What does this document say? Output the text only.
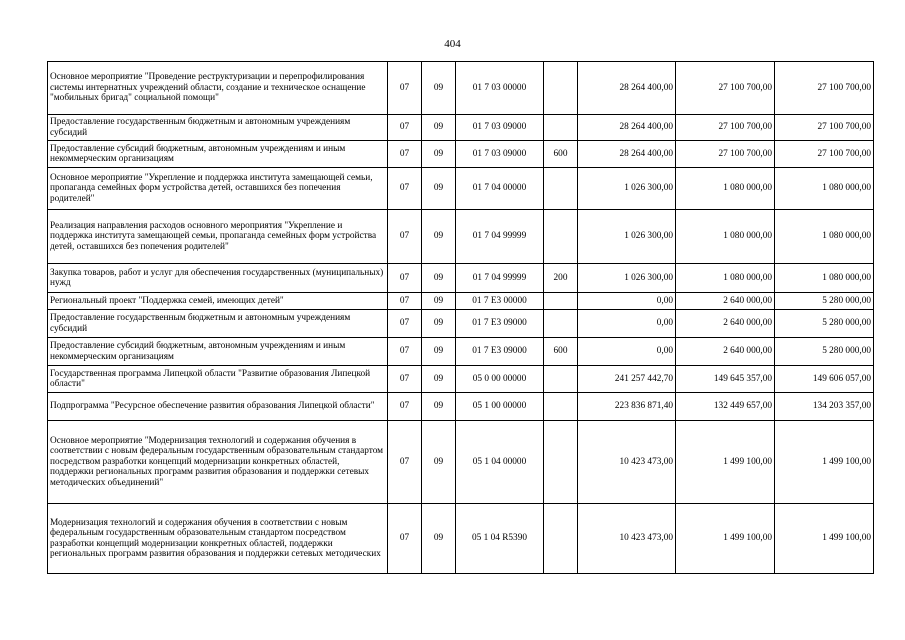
404
Основное мероприятие "Проведение реструктуризации и перепрофилирования системы интернатных учреждений области, создание и техническое оснащение "мобильных бригад" социальной помощи"	07	09	01 7 03 00000		28 264 400,00	27 100 700,00	27 100 700,00
Предоставление государственным бюджетным и автономным учреждениям субсидий	07	09	01 7 03 09000		28 264 400,00	27 100 700,00	27 100 700,00
Предоставление субсидий бюджетным, автономным учреждениям и иным некоммерческим организациям	07	09	01 7 03 09000	600	28 264 400,00	27 100 700,00	27 100 700,00
Основное мероприятие "Укрепление и поддержка института замещающей семьи, пропаганда семейных форм устройства детей, оставшихся без попечения родителей"	07	09	01 7 04 00000		1 026 300,00	1 080 000,00	1 080 000,00
Реализация направления расходов основного мероприятия "Укрепление и поддержка института замещающей семьи, пропаганда семейных форм устройства детей, оставшихся без попечения родителей"	07	09	01 7 04 99999		1 026 300,00	1 080 000,00	1 080 000,00
Закупка товаров, работ и услуг для обеспечения государственных (муниципальных) нужд	07	09	01 7 04 99999	200	1 026 300,00	1 080 000,00	1 080 000,00
Региональный проект "Поддержка семей, имеющих детей"	07	09	01 7 Е3 00000		0,00	2 640 000,00	5 280 000,00
Предоставление государственным бюджетным и автономным учреждениям субсидий	07	09	01 7 Е3 09000		0,00	2 640 000,00	5 280 000,00
Предоставление субсидий бюджетным, автономным учреждениям и иным некоммерческим организациям	07	09	01 7 Е3 09000	600	0,00	2 640 000,00	5 280 000,00
Государственная программа Липецкой области "Развитие образования Липецкой области"	07	09	05 0 00 00000		241 257 442,70	149 645 357,00	149 606 057,00
Подпрограмма "Ресурсное обеспечение развития образования Липецкой области"	07	09	05 1 00 00000		223 836 871,40	132 449 657,00	134 203 357,00
Основное мероприятие "Модернизация технологий и содержания обучения в соответствии с новым федеральным государственным образовательным стандартом посредством разработки концепций модернизации конкретных областей, поддержки региональных программ развития образования и поддержки сетевых методических объединений"	07	09	05 1 04 00000		10 423 473,00	1 499 100,00	1 499 100,00
Модернизация технологий и содержания обучения в соответствии с новым федеральным государственным образовательным стандартом посредством разработки концепций модернизации конкретных областей, поддержки региональных программ развития образования и поддержки сетевых методических	07	09	05 1 04 R5390		10 423 473,00	1 499 100,00	1 499 100,00
